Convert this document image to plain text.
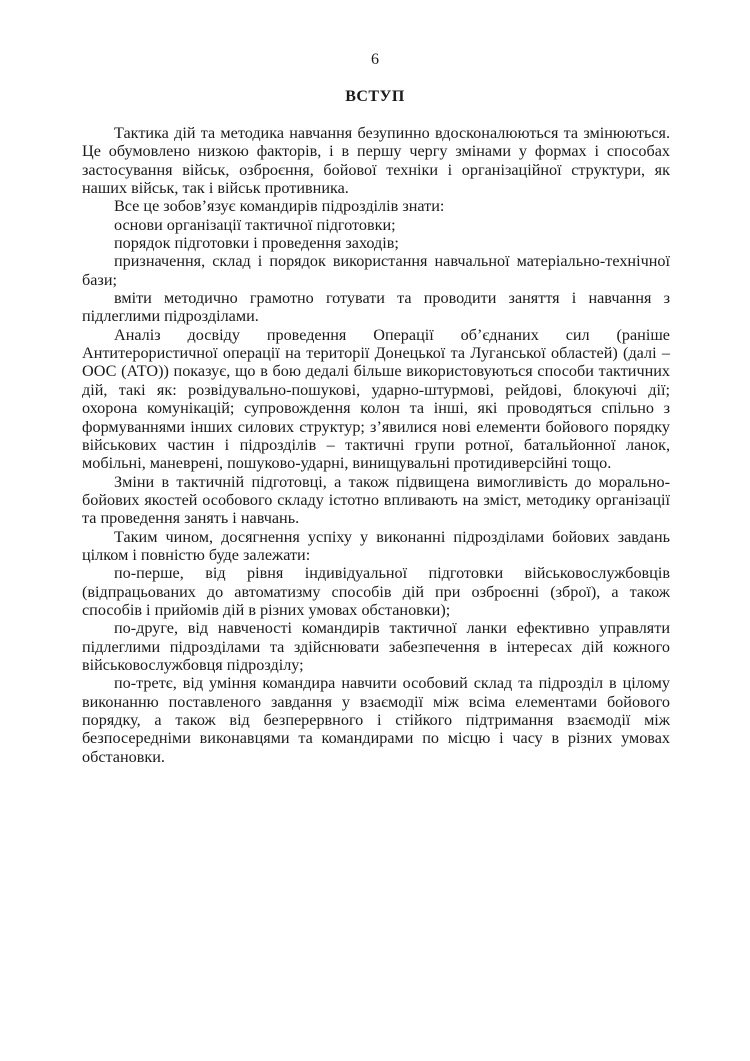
6
ВСТУП

Тактика дій та методика навчання безупинно вдосконалюються та змінюються. Це обумовлено низкою факторів, і в першу чергу змінами у формах і способах застосування військ, озброєння, бойової техніки і організаційної структури, як наших військ, так і військ противника.

Все це зобов’язує командирів підрозділів знати:

основи організації тактичної підготовки;

порядок підготовки і проведення заходів;

призначення, склад і порядок використання навчальної матеріально-технічної бази;

вміти методично грамотно готувати та проводити заняття і навчання з підлеглими підрозділами.

Аналіз досвіду проведення Операції об’єднаних сил (раніше Антитерористичної операції на території Донецької та Луганської областей) (далі – ООС (АТО)) показує, що в бою дедалі більше використовуються способи тактичних дій, такі як: розвідувально-пошукові, ударно-штурмові, рейдові, блокуючі дії; охорона комунікацій; супровождення колон та інші, які проводяться спільно з формуваннями інших силових структур; з’явилися нові елементи бойового порядку військових частин і підрозділів – тактичні групи ротної, батальйонної ланок, мобільні, маневрені, пошуково-ударні, винищувальні протидиверсійні тощо.

Зміни в тактичній підготовці, а також підвищена вимогливість до морально-бойових якостей особового складу істотно впливають на зміст, методику організації та проведення занять і навчань.

Таким чином, досягнення успіху у виконанні підрозділами бойових завдань цілком і повністю буде залежати:

по-перше, від рівня індивідуальної підготовки військовослужбовців (відпрацьованих до автоматизму способів дій при озброєнні (зброї), а також способів і прийомів дій в різних умовах обстановки);

по-друге, від навченості командирів тактичної ланки ефективно управляти підлеглими підрозділами та здійснювати забезпечення в інтересах дій кожного військовослужбовця підрозділу;

по-третє, від уміння командира навчити особовий склад та підрозділ в цілому виконанню поставленого завдання у взаємодії між всіма елементами бойового порядку, а також від безперервного і стійкого підтримання взаємодії між безпосередніми виконавцями та командирами по місцю і часу в різних умовах обстановки.
